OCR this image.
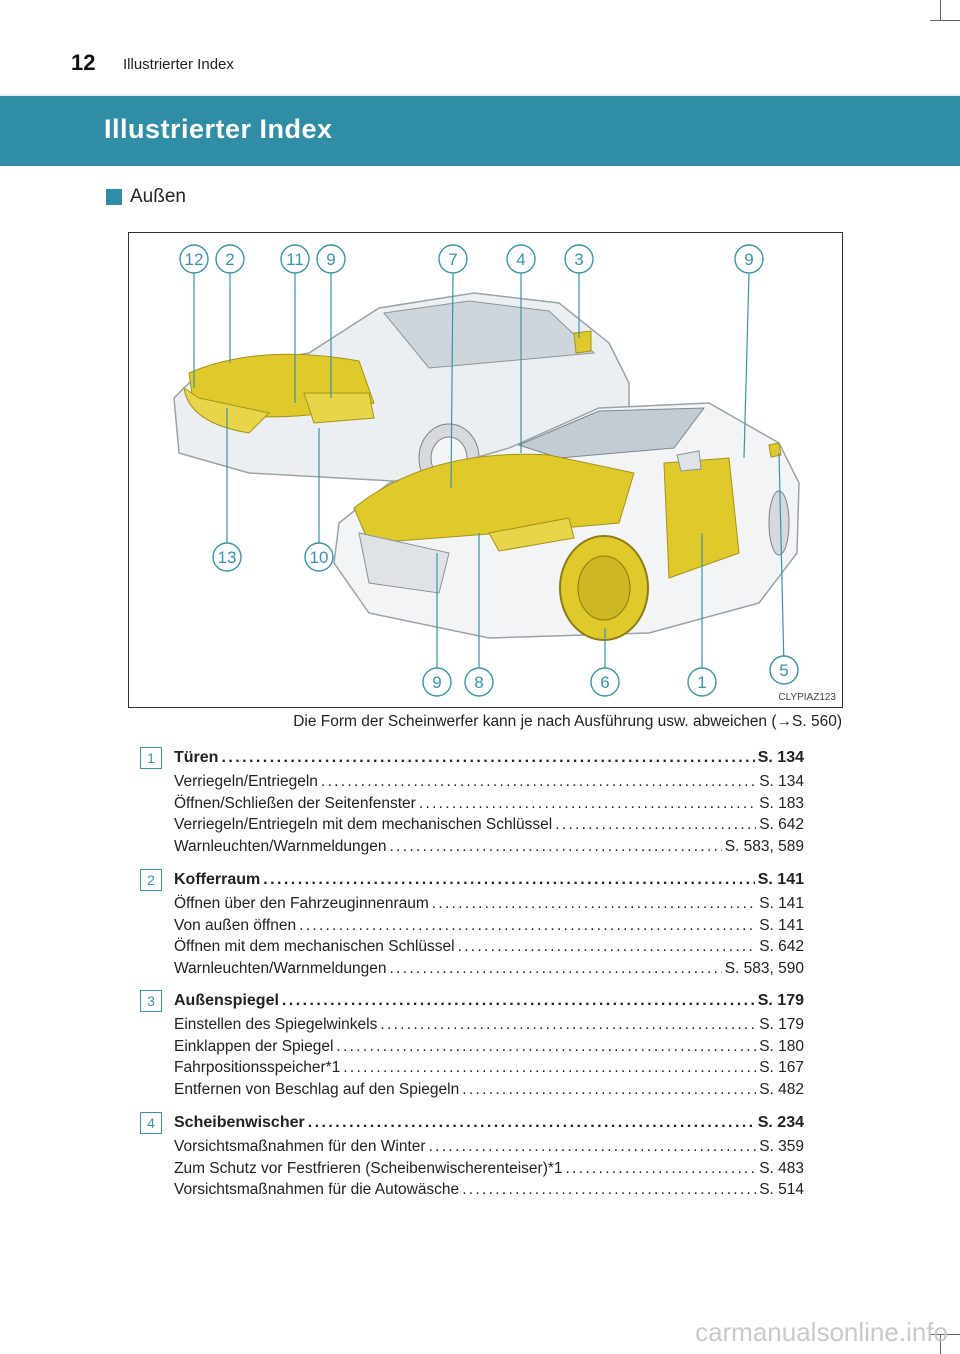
12 Illustrierter Index
Illustrierter Index
Außen
12 2	11 9	7	4	3	9
13	10
9 8	6	1
5
CLYPIAZ123
Die Form der Scheinwerfer kann je nach Ausführung usw. abweichen (→S. 560)
1	Türen . . .	S. 134
Verriegeln/Entriegeln . . .	S. 134
Öffnen/Schließen der Seitenfenster . . .	S. 183
Verriegeln/Entriegeln mit dem mechanischen Schlüssel . . .	S. 642
Warnleuchten/Warnmeldungen . . .	S. 583, 589
2	Kofferraum . . .	S. 141
Öffnen über den Fahrzeuginnenraum . . .	S. 141
Von außen öffnen . . .	S. 141
Öffnen mit dem mechanischen Schlüssel . . .	S. 642
Warnleuchten/Warnmeldungen . . .	S. 583, 590
3	Außenspiegel . . .	S. 179
Einstellen des Spiegelwinkels . . .	S. 179
Einklappen der Spiegel . . .	S. 180
Fahrpositionsspeicher*1 . . .	S. 167
Entfernen von Beschlag auf den Spiegeln . . .	S. 482
4	Scheibenwischer . . .	S. 234
Vorsichtsmaßnahmen für den Winter . . .	S. 359
Zum Schutz vor Festfrieren (Scheibenwischerenteiser)*1 . . .	S. 483
Vorsichtsmaßnahmen für die Autowäsche . . .	S. 514
carmanualsonline.info
